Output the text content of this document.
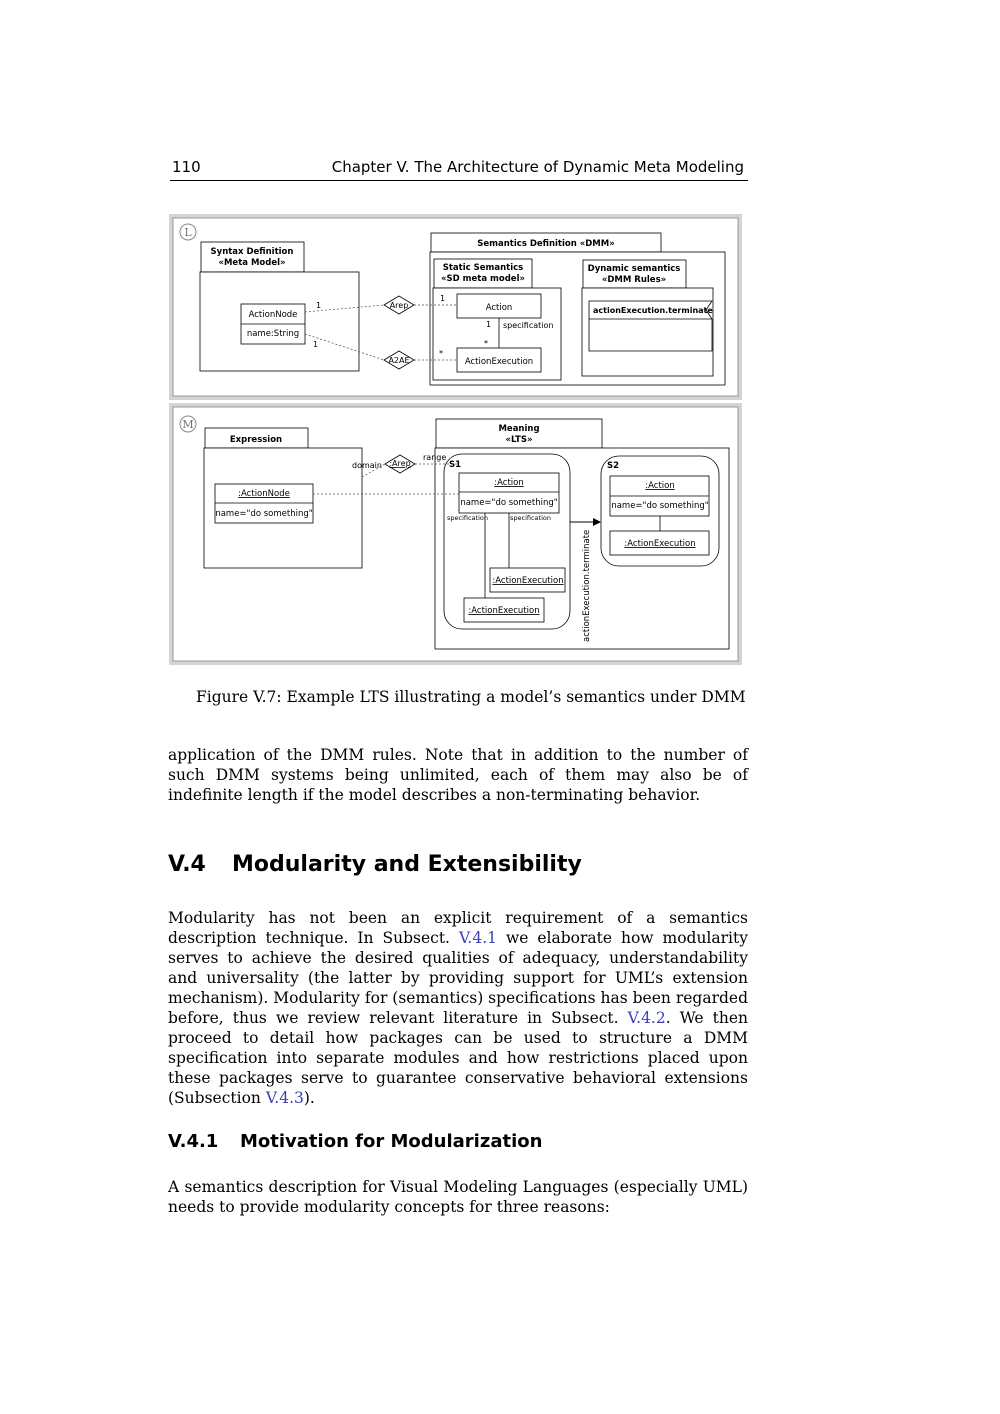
110	Chapter V. The Architecture of Dynamic Meta Modeling
L
Syntax Definition
«Meta Model»
ActionNode
name:String
Semantics Definition «DMM»
Static Semantics
«SD meta model»
Action
ActionExecution
1
*
specification
Dynamic semantics
«DMM Rules»
actionExecution.terminate
Arep
A2AE
1
1
1
*
M
Expression
:ActionNode
name="do something"
Meaning
«LTS»
S1
:Action
name="do something"
specification	specification
:ActionExecution
:ActionExecution	actionExecution.terminate
S2
:Action
name="do something"
:ActionExecution
:Arep
domain
range
Figure V.7: Example LTS illustrating a model’s semantics under DMM

application of the DMM rules. Note that in addition to the number of such DMM systems being unlimited, each of them may also be of indefinite length if the model describes a non-terminating behavior.

V.4 Modularity and Extensibility

Modularity has not been an explicit requirement of a semantics description technique. In Subsect. V.4.1 we elaborate how modularity serves to achieve the desired qualities of adequacy, understandability and universality (the latter by providing support for UML’s extension mechanism). Modularity for (semantics) specifications has been regarded before, thus we review relevant literature in Subsect. V.4.2. We then proceed to detail how packages can be used to structure a DMM specification into separate modules and how restrictions placed upon these packages serve to guarantee conservative behavioral extensions (Subsection V.4.3).

V.4.1 Motivation for Modularization

A semantics description for Visual Modeling Languages (especially UML) needs to provide modularity concepts for three reasons:
